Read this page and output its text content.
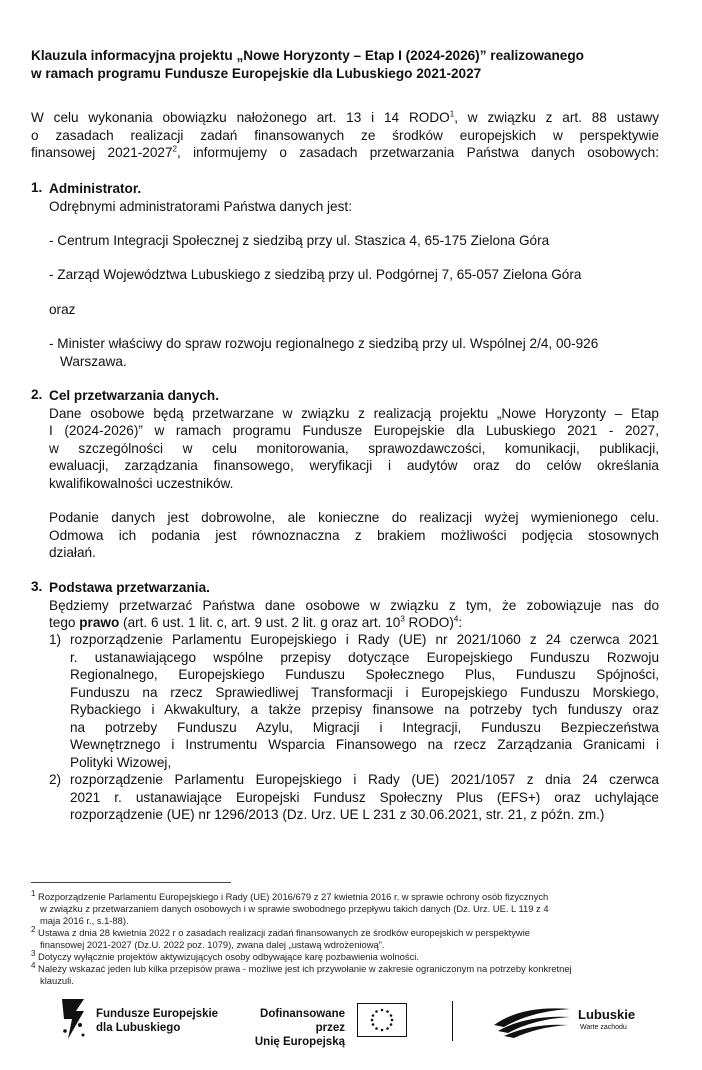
Klauzula informacyjna projektu „Nowe Horyzonty – Etap I (2024-2026)” realizowanego
w ramach programu Fundusze Europejskie dla Lubuskiego 2021-2027
W celu wykonania obowiązku nałożonego art. 13 i 14 RODO$^1$, w związku z art. 88 ustawy
o zasadach realizacji zadań finansowanych ze środków europejskich w perspektywie
finansowej 2021-2027$^2$, informujemy o zasadach przetwarzania Państwa danych osobowych:
1. Administrator.
Odrębnymi administratorami Państwa danych jest:
- Centrum Integracji Społecznej z siedzibą przy ul. Staszica 4, 65-175 Zielona Góra
- Zarząd Województwa Lubuskiego z siedzibą przy ul. Podgórnej 7, 65-057 Zielona Góra
oraz
- Minister właściwy do spraw rozwoju regionalnego z siedzibą przy ul. Wspólnej 2/4, 00-926
Warszawa.
2. Cel przetwarzania danych.
Dane osobowe będą przetwarzane w związku z realizacją projektu „Nowe Horyzonty – Etap
I (2024-2026)” w ramach programu Fundusze Europejskie dla Lubuskiego 2021 - 2027,
w szczególności w celu monitorowania, sprawozdawczości, komunikacji, publikacji,
ewaluacji, zarządzania finansowego, weryfikacji i audytów oraz do celów określania
kwalifikowalności uczestników.
Podanie danych jest dobrowolne, ale konieczne do realizacji wyżej wymienionego celu.
Odmowa ich podania jest równoznaczna z brakiem możliwości podjęcia stosownych
działań.
3. Podstawa przetwarzania.
Będziemy przetwarzać Państwa dane osobowe w związku z tym, że zobowiązuje nas do
tego prawo (art. 6 ust. 1 lit. c, art. 9 ust. 2 lit. g oraz art. $10^3$ RODO)$^4$:
1) rozporządzenie Parlamentu Europejskiego i Rady (UE) nr 2021/1060 z 24 czerwca 2021
r. ustanawiającego wspólne przepisy dotyczące Europejskiego Funduszu Rozwoju
Regionalnego, Europejskiego Funduszu Społecznego Plus, Funduszu Spójności,
Funduszu na rzecz Sprawiedliwej Transformacji i Europejskiego Funduszu Morskiego,
Rybackiego i Akwakultury, a także przepisy finansowe na potrzeby tych funduszy oraz
na potrzeby Funduszu Azylu, Migracji i Integracji, Funduszu Bezpieczeństwa
Wewnętrznego i Instrumentu Wsparcia Finansowego na rzecz Zarządzania Granicami i
Polityki Wizowej,
2) rozporządzenie Parlamentu Europejskiego i Rady (UE) 2021/1057 z dnia 24 czerwca
2021 r. ustanawiające Europejski Fundusz Społeczny Plus (EFS+) oraz uchylające
rozporządzenie (UE) nr 1296/2013 (Dz. Urz. UE L 231 z 30.06.2021, str. 21, z późn. zm.)
$^1$ Rozporządzenie Parlamentu Europejskiego i Rady (UE) 2016/679 z 27 kwietnia 2016 r. w sprawie ochrony osób fizycznych
w związku z przetwarzaniem danych osobowych i w sprawie swobodnego przepływu takich danych (Dz. Urz. UE. L 119 z 4
maja 2016 r., s.1-88).
$^2$ Ustawa z dnia 28 kwietnia 2022 r o zasadach realizacji zadań finansowanych ze środków europejskich w perspektywie
finansowej 2021-2027 (Dz.U. 2022 poz. 1079), zwana dalej „ustawą wdrożeniową”.
$^3$ Dotyczy wyłącznie projektów aktywizujących osoby odbywające karę pozbawienia wolności.
$^4$ Należy wskazać jeden lub kilka przepisów prawa - możliwe jest ich przywołanie w zakresie ograniczonym na potrzeby konkretnej
klauzuli.
Fundusze Europejskie
dla Lubuskiego
Dofinansowane przez
Unię Europejską
Lubuskie
Warte zachodu
